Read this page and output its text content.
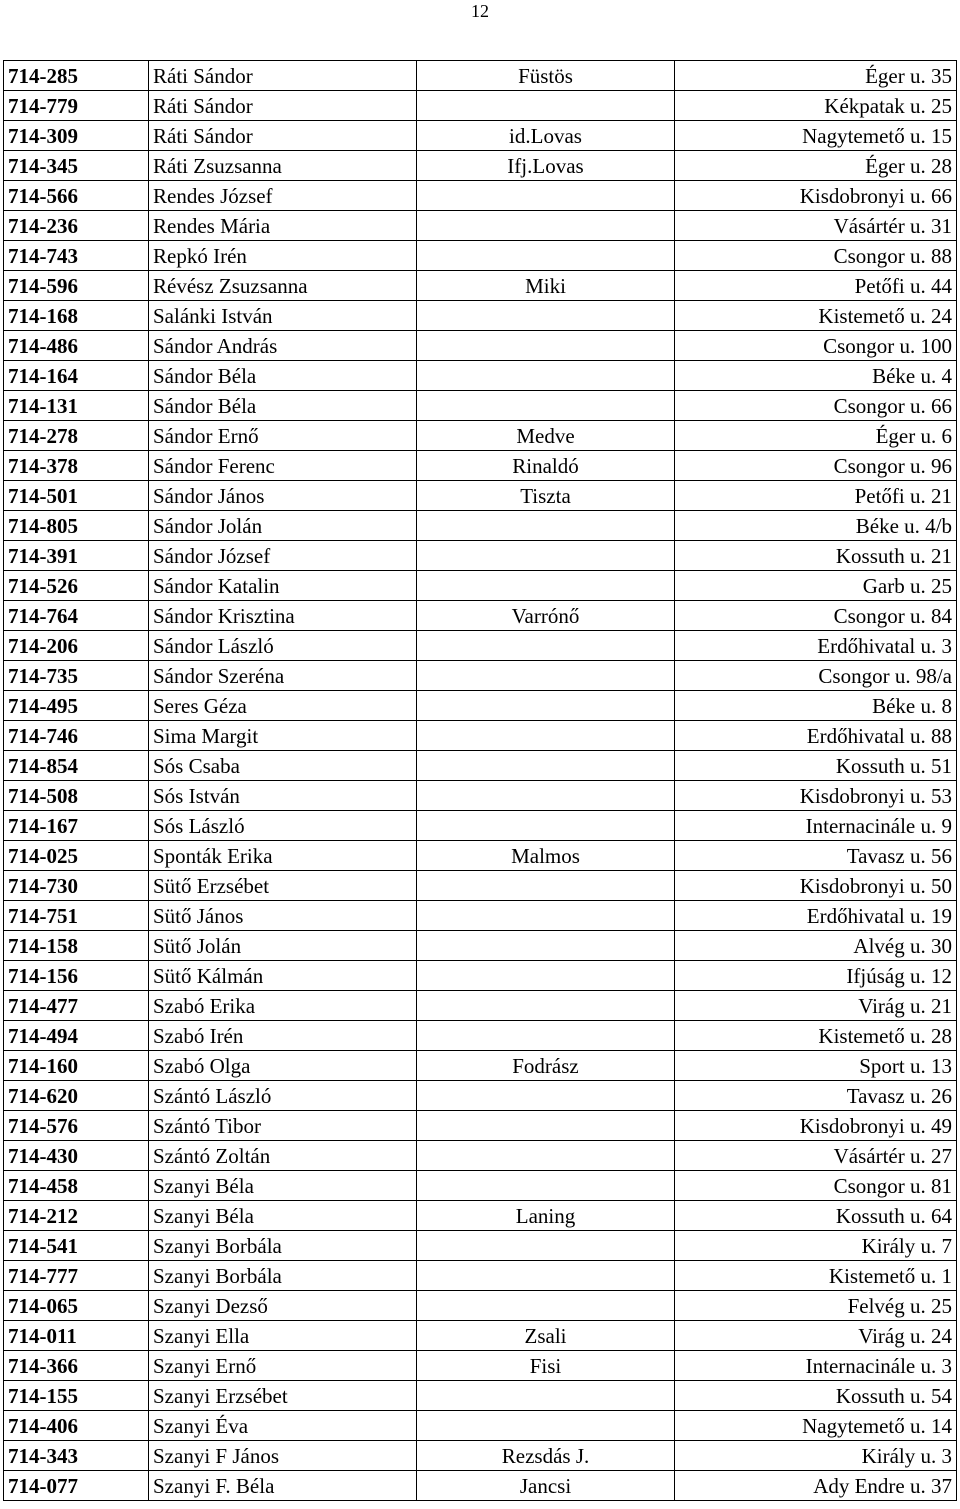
12
714-285	Ráti Sándor	Füstös	Éger u. 35
714-779	Ráti Sándor		Kékpatak u. 25
714-309	Ráti Sándor	id.Lovas	Nagytemető u. 15
714-345	Ráti Zsuzsanna	Ifj.Lovas	Éger u. 28
714-566	Rendes József		Kisdobronyi u. 66
714-236	Rendes Mária		Vásártér u. 31
714-743	Repkó Irén		Csongor u. 88
714-596	Révész Zsuzsanna	Miki	Petőfi u. 44
714-168	Salánki István		Kistemető u. 24
714-486	Sándor András		Csongor u. 100
714-164	Sándor Béla		Béke u. 4
714-131	Sándor Béla		Csongor u. 66
714-278	Sándor Ernő	Medve	Éger u. 6
714-378	Sándor Ferenc	Rinaldó	Csongor u. 96
714-501	Sándor János	Tiszta	Petőfi u. 21
714-805	Sándor Jolán		Béke u. 4/b
714-391	Sándor József		Kossuth u. 21
714-526	Sándor Katalin		Garb u. 25
714-764	Sándor Krisztina	Varrónő	Csongor u. 84
714-206	Sándor László		Erdőhivatal u. 3
714-735	Sándor Szeréna		Csongor u. 98/a
714-495	Seres Géza		Béke u. 8
714-746	Sima Margit		Erdőhivatal u. 88
714-854	Sós Csaba		Kossuth u. 51
714-508	Sós István		Kisdobronyi u. 53
714-167	Sós László		Internacinále u. 9
714-025	Sponták Erika	Malmos	Tavasz u. 56
714-730	Sütő Erzsébet		Kisdobronyi u. 50
714-751	Sütő János		Erdőhivatal u. 19
714-158	Sütő Jolán		Alvég u. 30
714-156	Sütő Kálmán		Ifjúság u. 12
714-477	Szabó Erika		Virág u. 21
714-494	Szabó Irén		Kistemető u. 28
714-160	Szabó Olga	Fodrász	Sport u. 13
714-620	Szántó László		Tavasz u. 26
714-576	Szántó Tibor		Kisdobronyi u. 49
714-430	Szántó Zoltán		Vásártér u. 27
714-458	Szanyi Béla		Csongor u. 81
714-212	Szanyi Béla	Laning	Kossuth u. 64
714-541	Szanyi Borbála		Király u. 7
714-777	Szanyi Borbála		Kistemető u. 1
714-065	Szanyi Dezső		Felvég u. 25
714-011	Szanyi Ella	Zsali	Virág u. 24
714-366	Szanyi Ernő	Fisi	Internacinále u. 3
714-155	Szanyi Erzsébet		Kossuth u. 54
714-406	Szanyi Éva		Nagytemető u. 14
714-343	Szanyi F János	Rezsdás J.	Király u. 3
714-077	Szanyi F. Béla	Jancsi	Ady Endre u. 37
